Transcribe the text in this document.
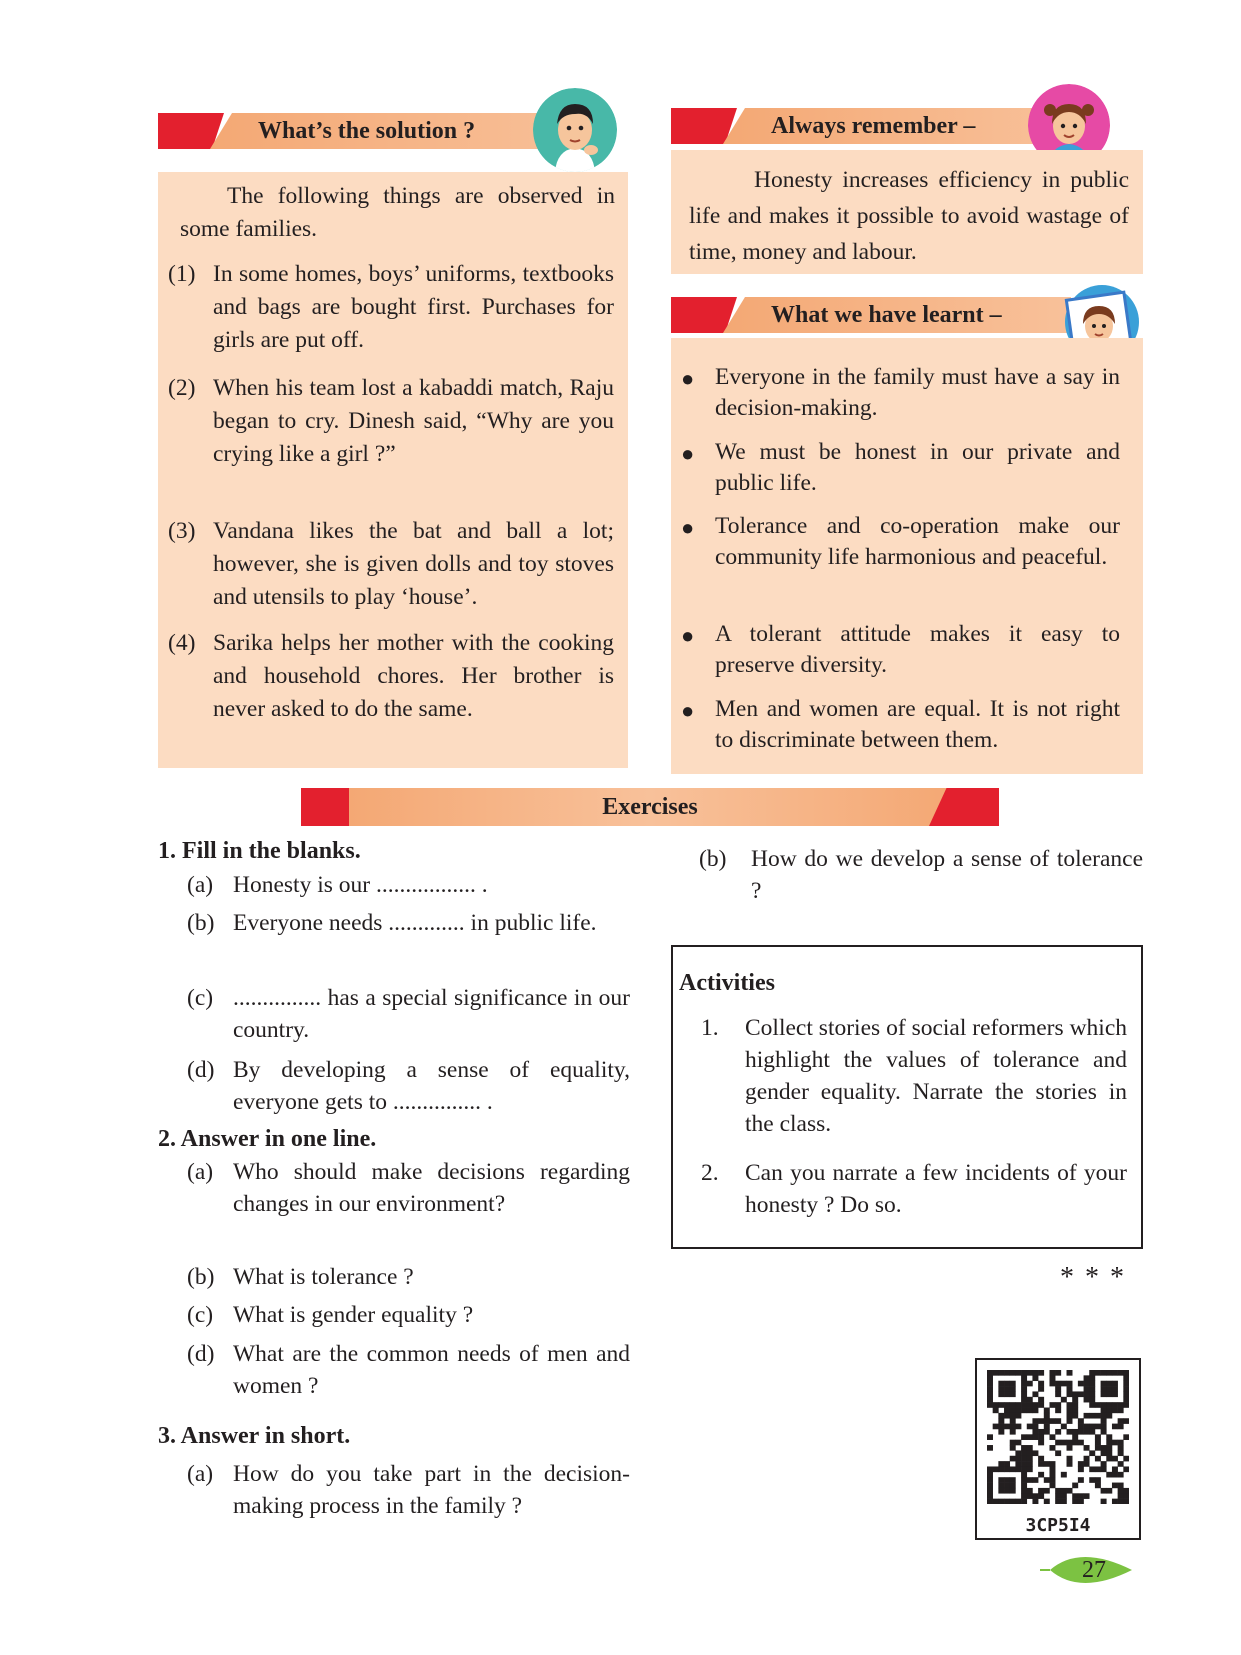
What’s the solution ?
The following things are observed in some families.
(1) In some homes, boys’ uniforms, textbooks and bags are bought first. Purchases for girls are put off.
(2) When his team lost a kabaddi match, Raju began to cry. Dinesh said, “Why are you crying like a girl ?”
(3) Vandana likes the bat and ball a lot; however, she is given dolls and toy stoves and utensils to play ‘house’.
(4) Sarika helps her mother with the cooking and household chores. Her brother is never asked to do the same.
Always remember –
Honesty increases efficiency in public life and makes it possible to avoid wastage of time, money and labour.
What we have learnt –
● Everyone in the family must have a say in decision-making.
● We must be honest in our private and public life.
● Tolerance and co-operation make our community life harmonious and peaceful.
● A tolerant attitude makes it easy to preserve diversity.
● Men and women are equal. It is not right to discriminate between them.
Exercises
1. Fill in the blanks.
(a) Honesty is our ................. .
(b) Everyone needs ............. in public life.
(c) ............... has a special significance in our country.
(d) By developing a sense of equality, everyone gets to ............... .
2. Answer in one line.
(a) Who should make decisions regarding changes in our environment?
(b) What is tolerance ?
(c) What is gender equality ?
(d) What are the common needs of men and women ?
3. Answer in short.
(a) How do you take part in the decision-making process in the family ?
(b) How do we develop a sense of tolerance ?
Activities
1. Collect stories of social reformers which highlight the values of tolerance and gender equality. Narrate the stories in the class.
2. Can you narrate a few incidents of your honesty ? Do so.
* * *
3CP5I4
27
